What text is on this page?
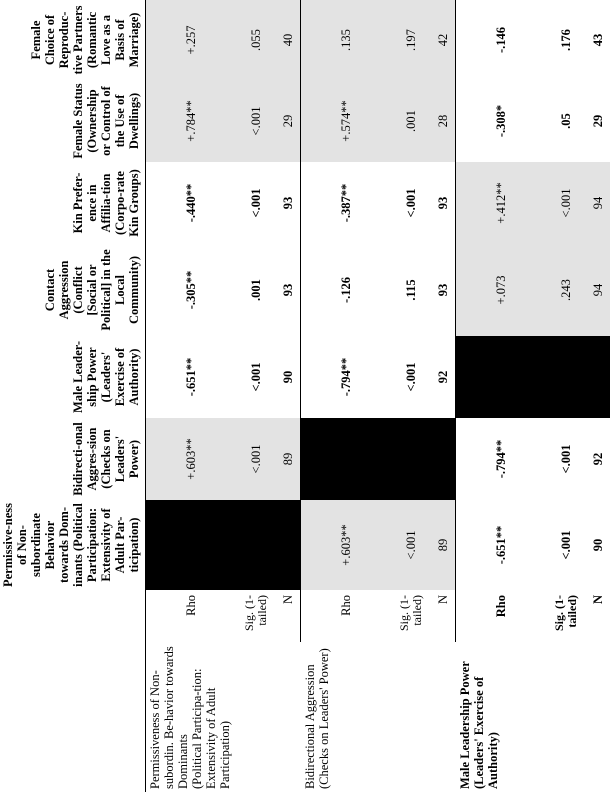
		Permissive-ness of Non-subordinate Behavior towards Dom-inants (Political Participation: Extensivity of Adult Par-ticipation)	Bidirecti-onal Aggres-sion (Checks on Leaders' Power)	Male Leader-ship Power (Leaders' Exercise of Authority)	Contact Aggression (Conflict [Social or Political] in the Local Community)	Kin Prefer-ence in Affilia-tion (Corpo-rate Kin Groups)	Female Status (Ownership or Control of the Use of Dwellings)	Female Choice of Reproduc-tive Partners (Romantic Love as a Basis of Marriage)

Permissiveness of Non-subordin. Be-havior towards Dominants (Political Participa-tion: Extensivity of Adult Participation)	Rho		+.603**	-.651**	-.305**	-.440**	+.784**	+.257
	Sig. (1-tailed)		<.001	<.001	.001	<.001	<.001	.055
	N		89	90	93	93	29	40

Bidirectional Aggression (Checks on Leaders' Power)	Rho	+.603**		-.794**	-.126	-.387**	+.574**	.135
	Sig. (1-tailed)	<.001		<.001	.115	<.001	.001	.197
	N	89		92	93	93	28	42

Male Leadership Power (Leaders' Exercise of Authority)	Rho	-.651**	-.794**		+.073	+.412**	-.308*	-.146
	Sig. (1-tailed)	<.001	<.001		.243	<.001	.05	.176
	N	90	92		94	94	29	43
